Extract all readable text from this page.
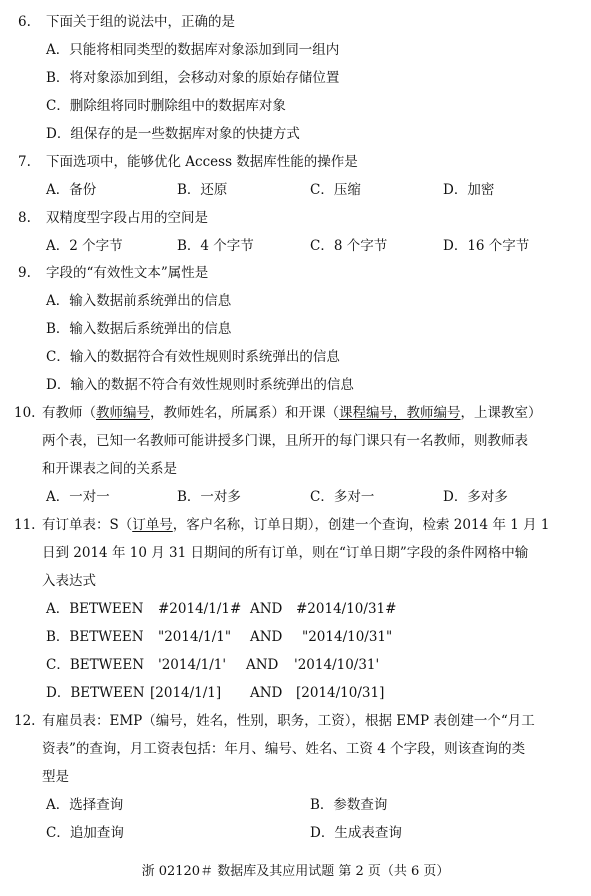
6. 下面关于组的说法中，正确的是
A．只能将相同类型的数据库对象添加到同一组内
B．将对象添加到组，会移动对象的原始存储位置
C．删除组将同时删除组中的数据库对象
D．组保存的是一些数据库对象的快捷方式
7. 下面选项中，能够优化 Access 数据库性能的操作是
A．备份	B．还原	C．压缩	D．加密
8. 双精度型字段占用的空间是
A．2 个字节	B．4 个字节	C．8 个字节	D．16 个字节
9. 字段的“有效性文本”属性是
A．输入数据前系统弹出的信息
B．输入数据后系统弹出的信息
C．输入的数据符合有效性规则时系统弹出的信息
D．输入的数据不符合有效性规则时系统弹出的信息
10. 有教师（教师编号，教师姓名，所属系）和开课（课程编号，教师编号，上课教室）
两个表，已知一名教师可能讲授多门课，且所开的每门课只有一名教师，则教师表
和开课表之间的关系是
A．一对一	B．一对多	C．多对一	D．多对多
11. 有订单表：S（订单号，客户名称，订单日期），创建一个查询，检索 2014 年 1 月 1
日到 2014 年 10 月 31 日期间的所有订单，则在“订单日期”字段的条件网格中输
入表达式
A．BETWEEN #2014/1/1# AND #2014/10/31#
B．BETWEEN "2014/1/1" AND "2014/10/31"
C．BETWEEN '2014/1/1' AND '2014/10/31'
D．BETWEEN [2014/1/1] AND [2014/10/31]
12. 有雇员表：EMP（编号，姓名，性别，职务，工资），根据 EMP 表创建一个“月工
资表”的查询，月工资表包括：年月、编号、姓名、工资 4 个字段，则该查询的类
型是
A．选择查询	B．参数查询
C．追加查询	D．生成表查询
浙 02120＃ 数据库及其应用试题 第 2 页（共 6 页）
